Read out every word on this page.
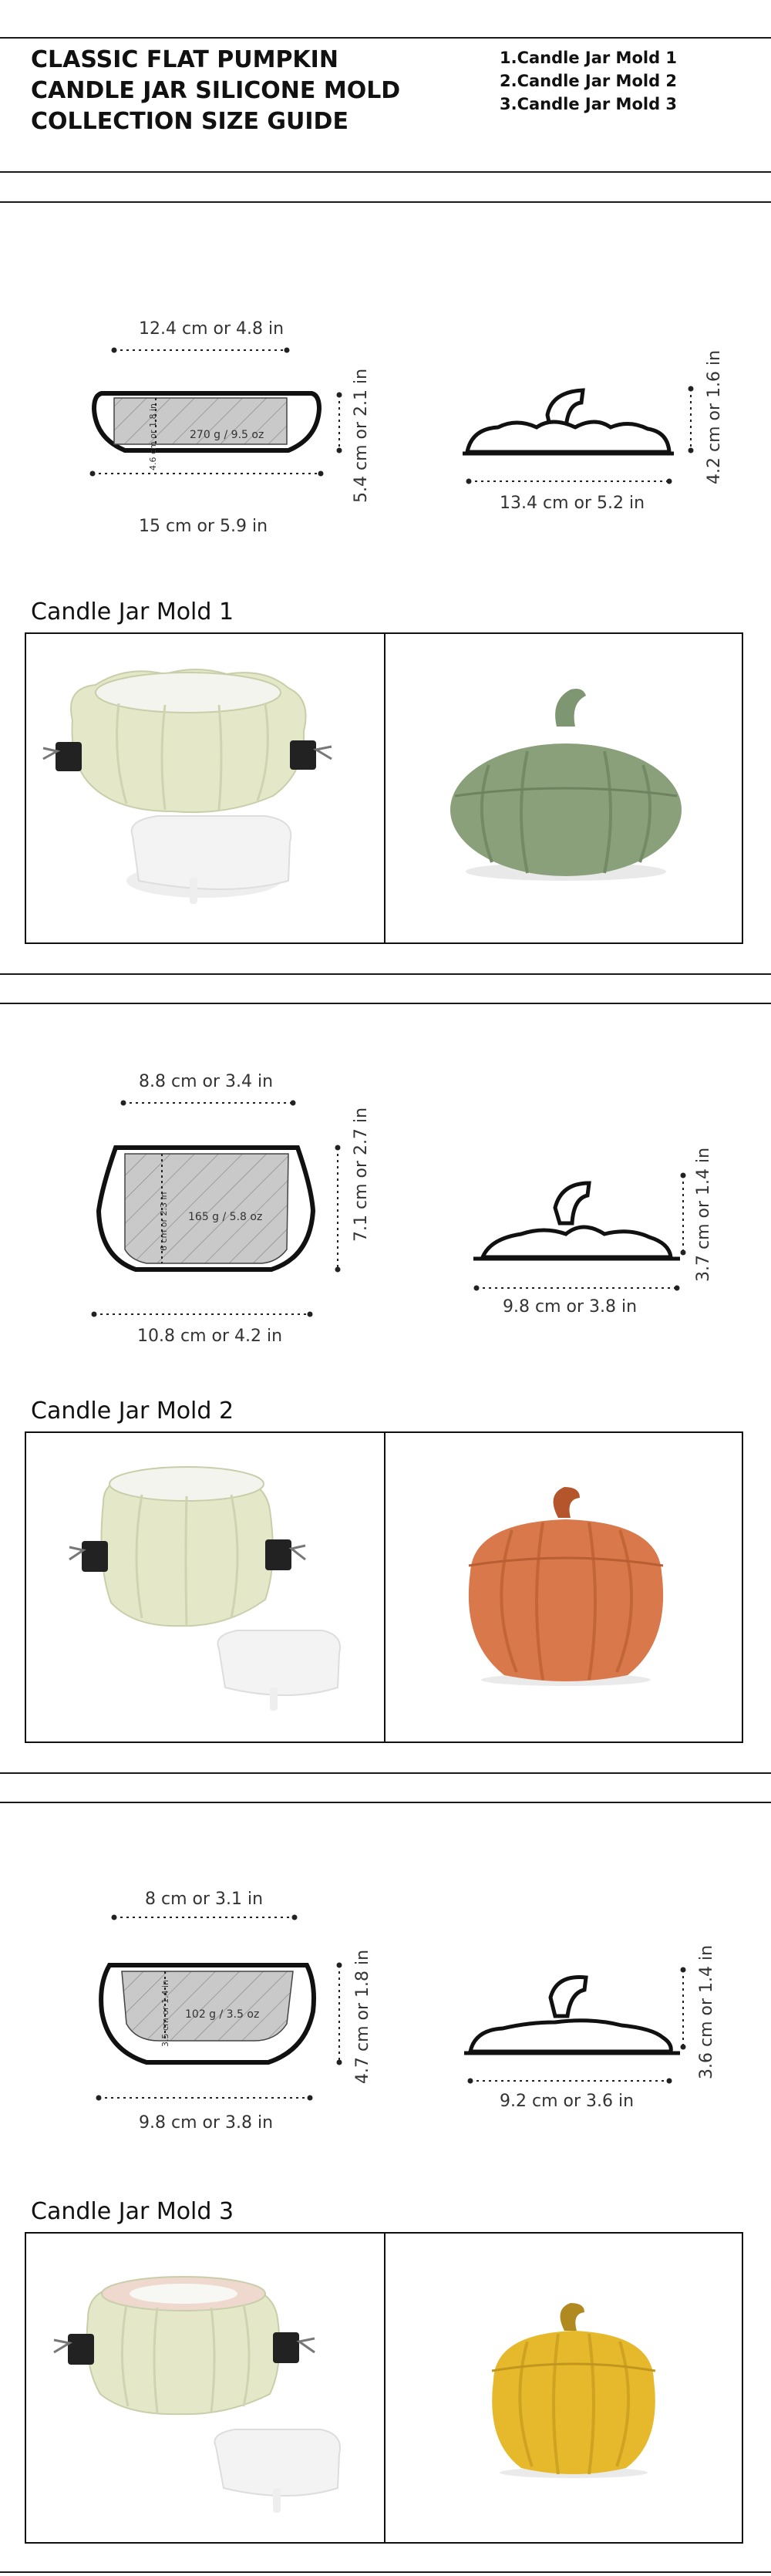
CLASSIC FLAT PUMPKIN CANDLE JAR SILICONE MOLD COLLECTION SIZE GUIDE
1.Candle Jar Mold 1
2.Candle Jar Mold 2
3.Candle Jar Mold 3
12.4 cm or 4.8 in
270 g / 9.5 oz
4.6 cm or 1.8 in
15 cm or 5.9 in
5.4 cm or 2.1 in
13.4 cm or 5.2 in
4.2 cm or 1.6 in
Candle Jar Mold 1
8.8 cm or 3.4 in
165 g / 5.8 oz
6 cm or 2.3 in
10.8 cm or 4.2 in
7.1 cm or 2.7 in
9.8 cm or 3.8 in
3.7 cm or 1.4 in
Candle Jar Mold 2
8 cm or 3.1 in
102 g / 3.5 oz
3.5 cm or 1.4 in
9.8 cm or 3.8 in
4.7 cm or 1.8 in
9.2 cm or 3.6 in
3.6 cm or 1.4 in
Candle Jar Mold 3
